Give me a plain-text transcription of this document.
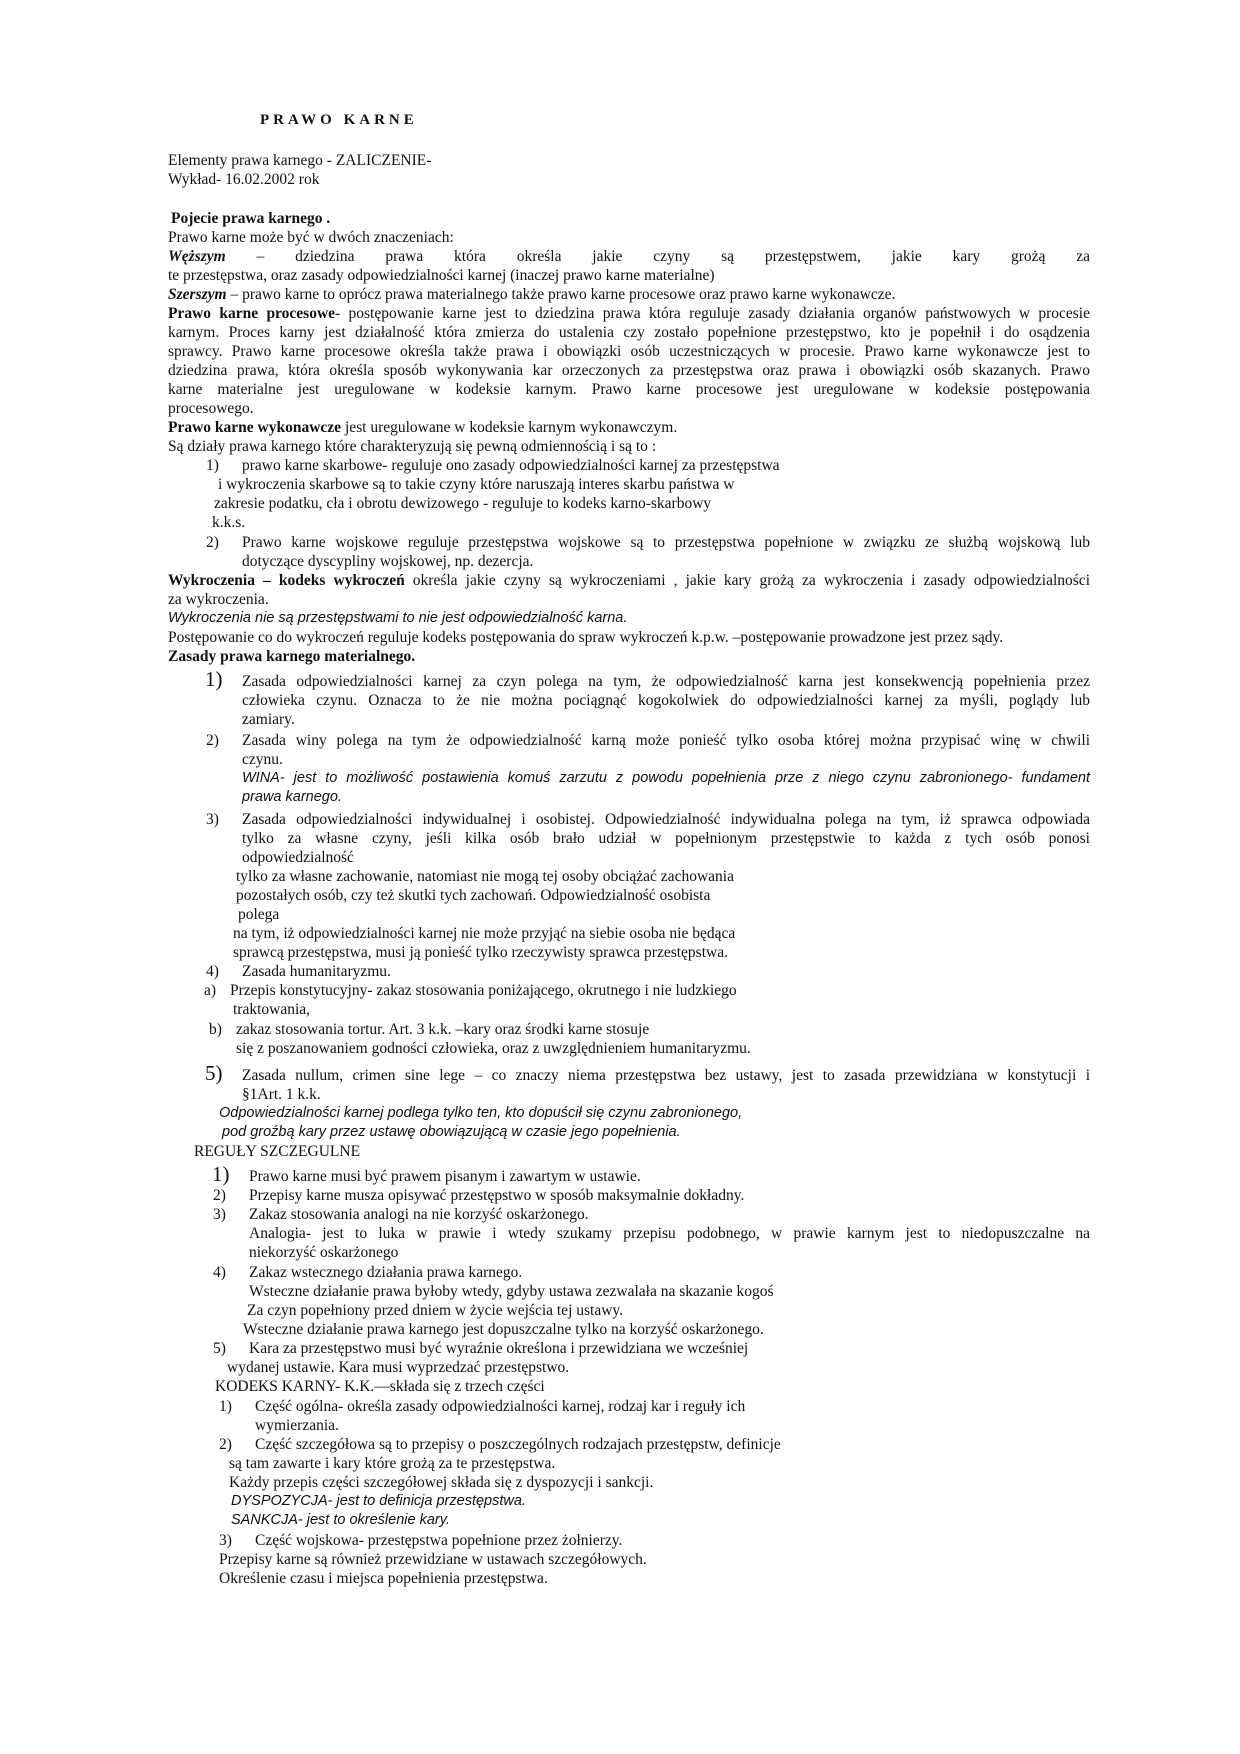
PRAWO KARNE
Elementy prawa karnego - ZALICZENIE-
Wykład- 16.02.2002 rok
Pojecie prawa karnego .
Prawo karne może być w dwóch znaczeniach:
Węższym – dziedzina prawa która określa jakie czyny są przestępstwem, jakie kary grożą za
te przestępstwa, oraz zasady odpowiedzialności karnej (inaczej prawo karne materialne)
Szerszym – prawo karne to oprócz prawa materialnego także prawo karne procesowe oraz prawo karne wykonawcze.
Prawo karne procesowe- postępowanie karne jest to dziedzina prawa która reguluje zasady działania organów państwowych w procesie
karnym. Proces karny jest działalność która zmierza do ustalenia czy zostało popełnione przestępstwo, kto je popełnił i do osądzenia
sprawcy. Prawo karne procesowe określa także prawa i obowiązki osób uczestniczących w procesie. Prawo karne wykonawcze jest to
dziedzina prawa, która określa sposób wykonywania kar orzeczonych za przestępstwa oraz prawa i obowiązki osób skazanych. Prawo
karne materialne jest uregulowane w kodeksie karnym. Prawo karne procesowe jest uregulowane w kodeksie postępowania
procesowego.
Prawo karne wykonawcze jest uregulowane w kodeksie karnym wykonawczym.
Są działy prawa karnego które charakteryzują się pewną odmiennością i są to :
1) prawo karne skarbowe- reguluje ono zasady odpowiedzialności karnej za przestępstwa
i wykroczenia skarbowe są to takie czyny które naruszają interes skarbu państwa w
zakresie podatku, cła i obrotu dewizowego - reguluje to kodeks karno-skarbowy
k.k.s.
2) Prawo karne wojskowe reguluje przestępstwa wojskowe są to przestępstwa popełnione w związku ze służbą wojskową lub
dotyczące dyscypliny wojskowej, np. dezercja.
Wykroczenia – kodeks wykroczeń określa jakie czyny są wykroczeniami , jakie kary grożą za wykroczenia i zasady odpowiedzialności
za wykroczenia.
Wykroczenia nie są przestępstwami to nie jest odpowiedzialność karna.
Postępowanie co do wykroczeń reguluje kodeks postępowania do spraw wykroczeń k.p.w. –postępowanie prowadzone jest przez sądy.
Zasady prawa karnego materialnego.
1) Zasada odpowiedzialności karnej za czyn polega na tym, że odpowiedzialność karna jest konsekwencją popełnienia przez
człowieka czynu. Oznacza to że nie można pociągnąć kogokolwiek do odpowiedzialności karnej za myśli, poglądy lub
zamiary.
2) Zasada winy polega na tym że odpowiedzialność karną może ponieść tylko osoba której można przypisać winę w chwili
czynu.
WINA- jest to możliwość postawienia komuś zarzutu z powodu popełnienia prze z niego czynu zabronionego- fundament
prawa karnego.
3) Zasada odpowiedzialności indywidualnej i osobistej. Odpowiedzialność indywidualna polega na tym, iż sprawca odpowiada
tylko za własne czyny, jeśli kilka osób brało udział w popełnionym przestępstwie to każda z tych osób ponosi
odpowiedzialność
tylko za własne zachowanie, natomiast nie mogą tej osoby obciążać zachowania
pozostałych osób, czy też skutki tych zachowań. Odpowiedzialność osobista
polega
na tym, iż odpowiedzialności karnej nie może przyjąć na siebie osoba nie będąca
sprawcą przestępstwa, musi ją ponieść tylko rzeczywisty sprawca przestępstwa.
4) Zasada humanitaryzmu.
a) Przepis konstytucyjny- zakaz stosowania poniżającego, okrutnego i nie ludzkiego
traktowania,
b) zakaz stosowania tortur. Art. 3 k.k. –kary oraz środki karne stosuje
się z poszanowaniem godności człowieka, oraz z uwzględnieniem humanitaryzmu.
5) Zasada nullum, crimen sine lege – co znaczy niema przestępstwa bez ustawy, jest to zasada przewidziana w konstytucji i
§1Art. 1 k.k.
Odpowiedzialności karnej podlega tylko ten, kto dopuścił się czynu zabronionego,
pod groźbą kary przez ustawę obowiązującą w czasie jego popełnienia.
REGUŁY SZCZEGULNE
1) Prawo karne musi być prawem pisanym i zawartym w ustawie.
2) Przepisy karne musza opisywać przestępstwo w sposób maksymalnie dokładny.
3) Zakaz stosowania analogi na nie korzyść oskarżonego.
Analogia- jest to luka w prawie i wtedy szukamy przepisu podobnego, w prawie karnym jest to niedopuszczalne na
niekorzyść oskarżonego
4) Zakaz wstecznego działania prawa karnego.
Wsteczne działanie prawa byłoby wtedy, gdyby ustawa zezwalała na skazanie kogoś
Za czyn popełniony przed dniem w życie wejścia tej ustawy.
Wsteczne działanie prawa karnego jest dopuszczalne tylko na korzyść oskarżonego.
5) Kara za przestępstwo musi być wyraźnie określona i przewidziana we wcześniej
wydanej ustawie. Kara musi wyprzedzać przestępstwo.
KODEKS KARNY- K.K.—składa się z trzech części
1) Część ogólna- określa zasady odpowiedzialności karnej, rodzaj kar i reguły ich
wymierzania.
2) Część szczegółowa są to przepisy o poszczególnych rodzajach przestępstw, definicje
są tam zawarte i kary które grożą za te przestępstwa.
Każdy przepis części szczegółowej składa się z dyspozycji i sankcji.
DYSPOZYCJA- jest to definicja przestępstwa.
SANKCJA- jest to określenie kary.
3) Część wojskowa- przestępstwa popełnione przez żołnierzy.
Przepisy karne są również przewidziane w ustawach szczegółowych.
Określenie czasu i miejsca popełnienia przestępstwa.
